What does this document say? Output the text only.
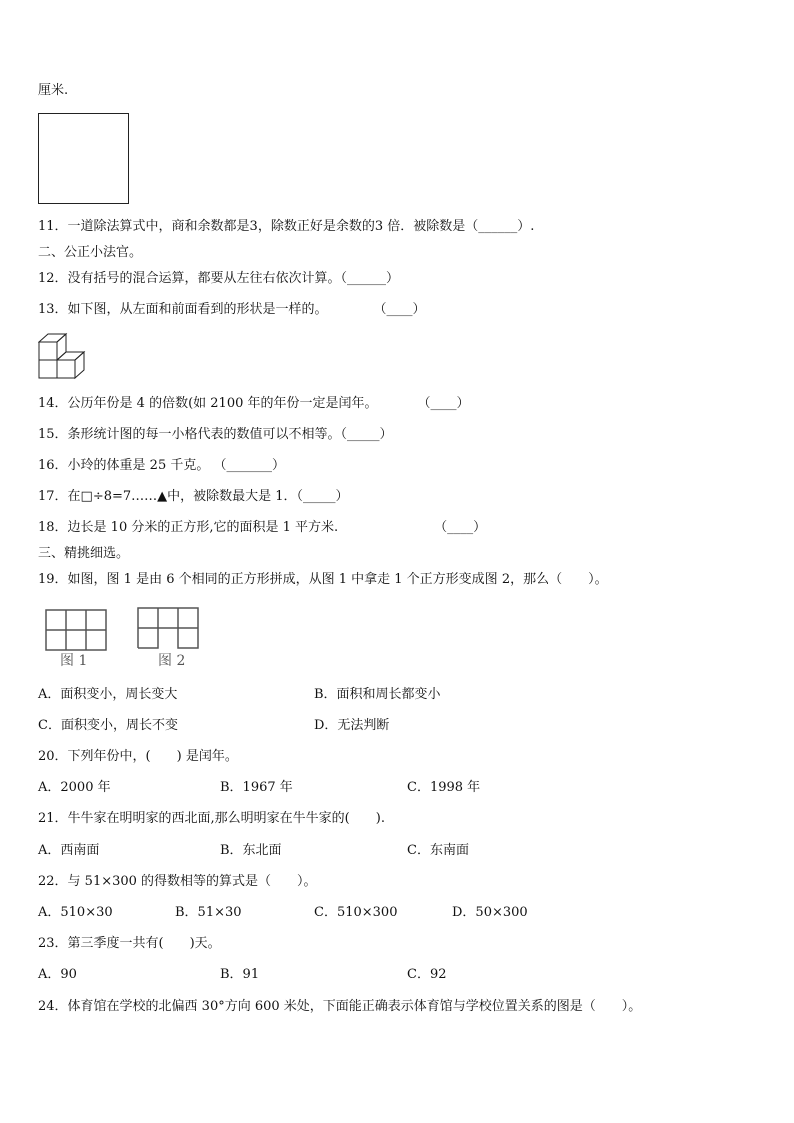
厘米.
11．一道除法算式中，商和余数都是3，除数正好是余数的3 倍．被除数是（______）.
二、公正小法官。
12．没有括号的混合运算，都要从左往右依次计算。（______）
13．如下图，从左面和前面看到的形状是一样的。	（____）
14．公历年份是 4 的倍数(如 2100 年的年份一定是闰年。	（____）
15．条形统计图的每一小格代表的数值可以不相等。（_____）
16．小玲的体重是 25 千克。 （_______）
17．在□÷8=7……▲中，被除数最大是 1．（_____）
18．边长是 10 分米的正方形,它的面积是 1 平方米.	（____）
三、精挑细选。
19．如图，图 1 是由 6 个相同的正方形拼成，从图 1 中拿走 1 个正方形变成图 2，那么（　　）。
图 1	图 2
A．面积变小，周长变大	B．面积和周长都变小
C．面积变小，周长不变	D．无法判断
20．下列年份中，(　　) 是闰年。
A．2000 年	B．1967 年	C．1998 年
21．牛牛家在明明家的西北面,那么明明家在牛牛家的(　　).
A．西南面	B．东北面	C．东南面
22．与 51×300 的得数相等的算式是（　　）。
A．510×30	B．51×30	C．510×300	D．50×300
23．第三季度一共有(　　)天。
A．90	B．91	C．92
24．体育馆在学校的北偏西 30°方向 600 米处，下面能正确表示体育馆与学校位置关系的图是（　　）。
